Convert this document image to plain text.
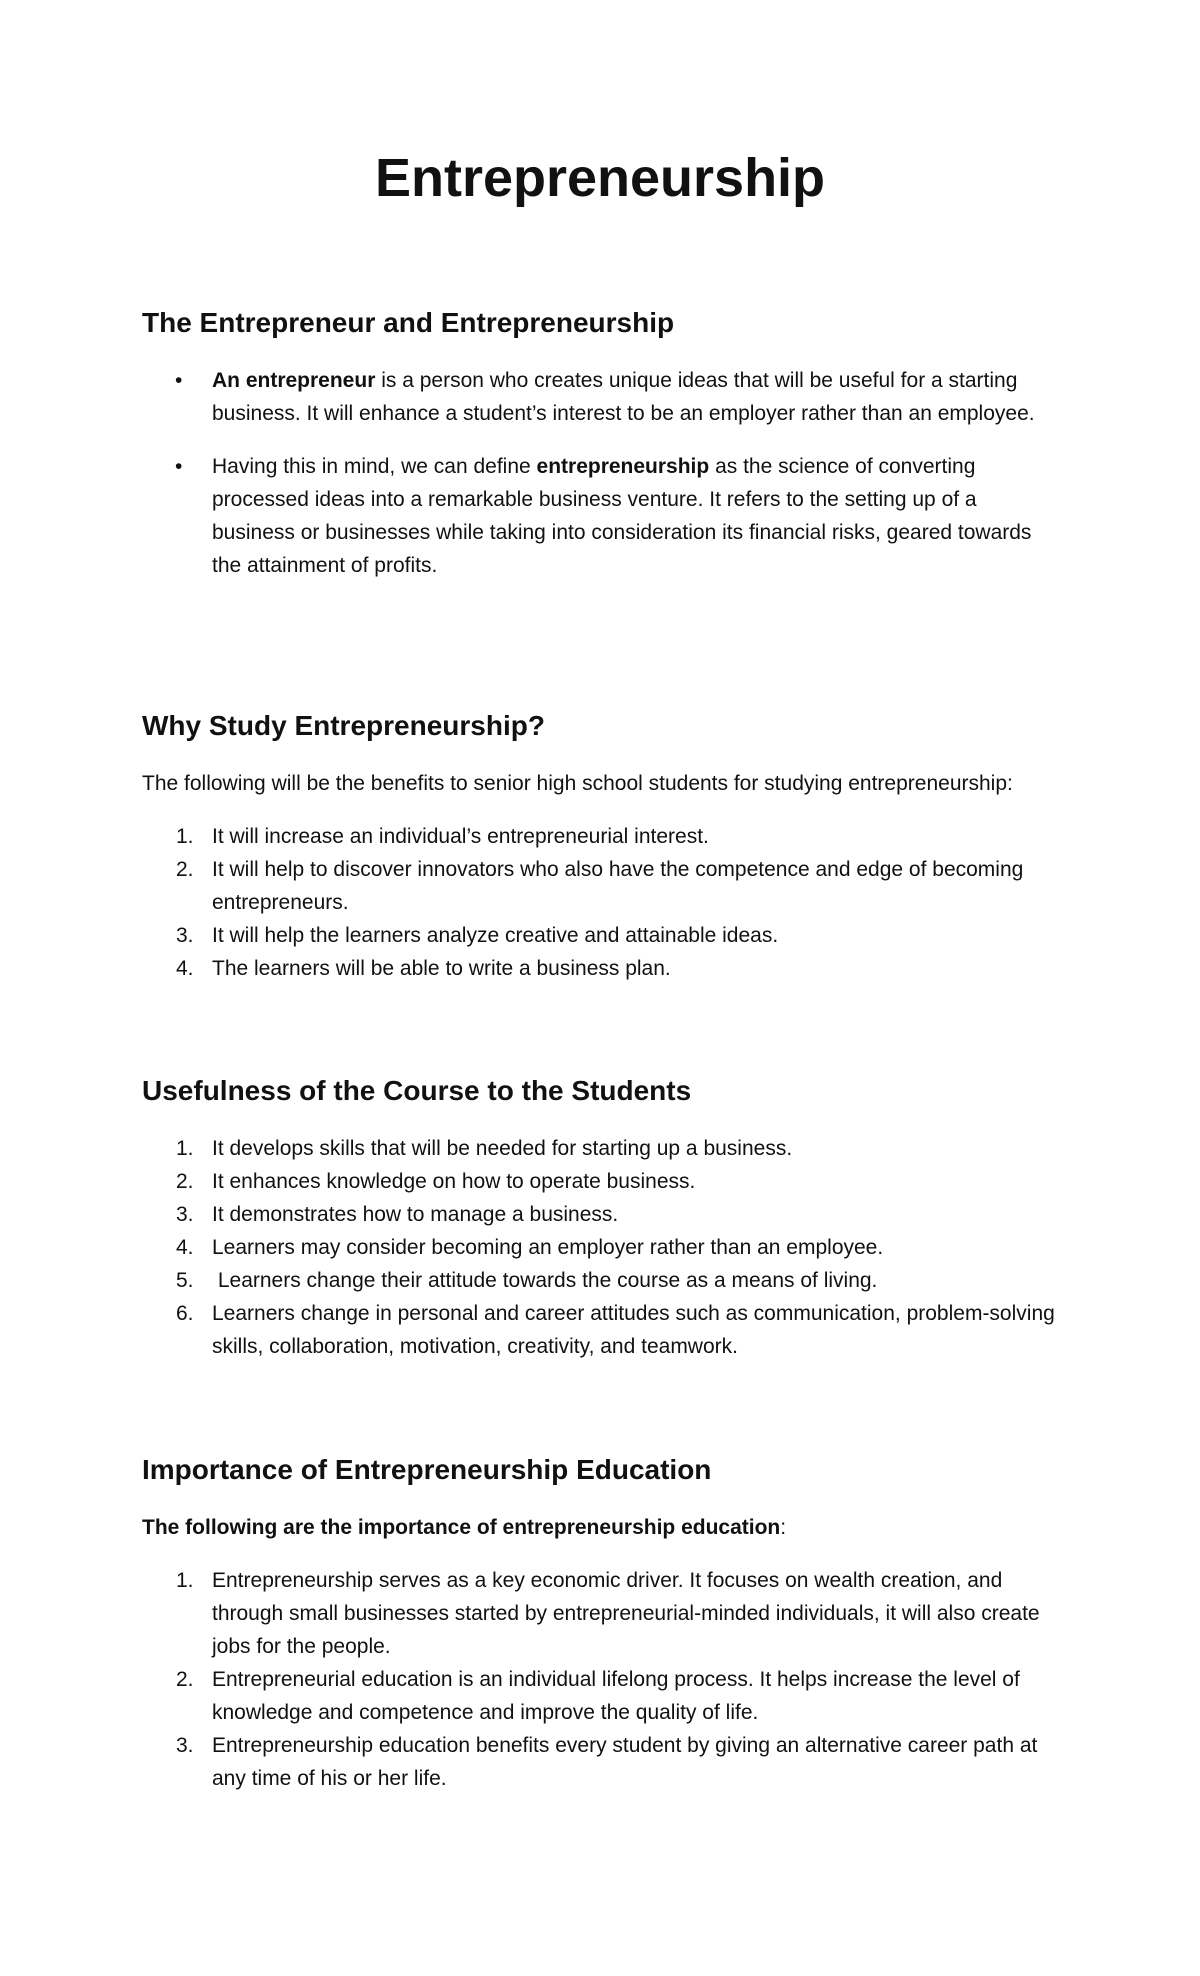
Entrepreneurship
The Entrepreneur and Entrepreneurship
• An entrepreneur is a person who creates unique ideas that will be useful for a starting business. It will enhance a student’s interest to be an employer rather than an employee.
• Having this in mind, we can define entrepreneurship as the science of converting processed ideas into a remarkable business venture. It refers to the setting up of a business or businesses while taking into consideration its financial risks, geared towards the attainment of profits.
Why Study Entrepreneurship?

The following will be the benefits to senior high school students for studying entrepreneurship:

1. It will increase an individual’s entrepreneurial interest.
2. It will help to discover innovators who also have the competence and edge of becoming entrepreneurs.
3. It will help the learners analyze creative and attainable ideas.
4. The learners will be able to write a business plan.
Usefulness of the Course to the Students
1. It develops skills that will be needed for starting up a business.
2. It enhances knowledge on how to operate business.
3. It demonstrates how to manage a business.
4. Learners may consider becoming an employer rather than an employee.
5. Learners change their attitude towards the course as a means of living.
6. Learners change in personal and career attitudes such as communication, problem-solving skills, collaboration, motivation, creativity, and teamwork.
Importance of Entrepreneurship Education

The following are the importance of entrepreneurship education:

1. Entrepreneurship serves as a key economic driver. It focuses on wealth creation, and through small businesses started by entrepreneurial-minded individuals, it will also create jobs for the people.
2. Entrepreneurial education is an individual lifelong process. It helps increase the level of knowledge and competence and improve the quality of life.
3. Entrepreneurship education benefits every student by giving an alternative career path at any time of his or her life.
